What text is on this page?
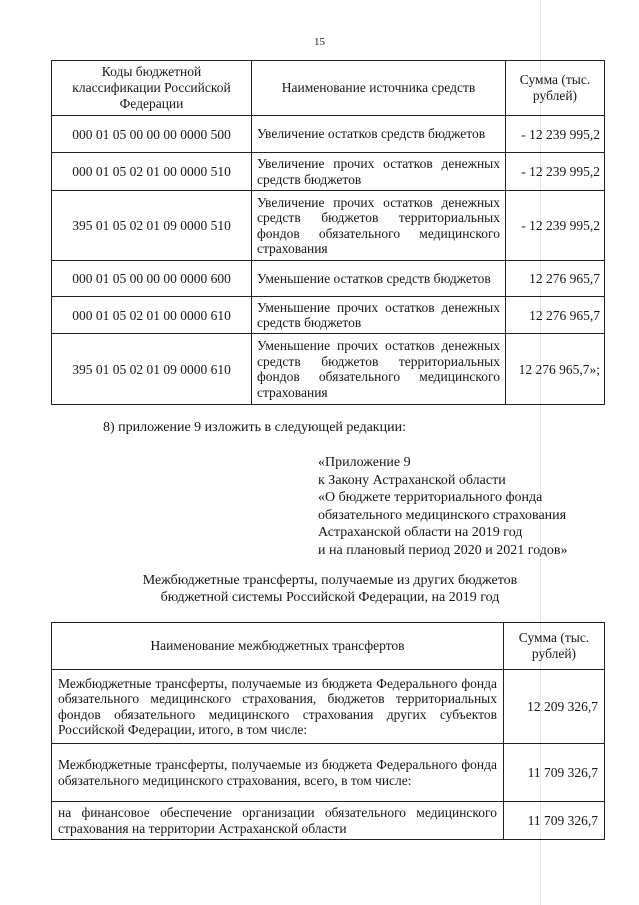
15
Коды бюджетной классификации Российской Федерации	Наименование источника средств	Сумма (тыс. рублей)
000 01 05 00 00 00 0000 500	Увеличение остатков средств бюджетов	- 12 239 995,2
000 01 05 02 01 00 0000 510	Увеличение прочих остатков денежных средств бюджетов	- 12 239 995,2
395 01 05 02 01 09 0000 510	Увеличение прочих остатков денежных средств бюджетов территориальных фондов обязательного медицинского страхования	- 12 239 995,2
000 01 05 00 00 00 0000 600	Уменьшение остатков средств бюджетов	12 276 965,7
000 01 05 02 01 00 0000 610	Уменьшение прочих остатков денежных средств бюджетов	12 276 965,7
395 01 05 02 01 09 0000 610	Уменьшение прочих остатков денежных средств бюджетов территориальных фондов обязательного медицинского страхования	12 276 965,7»;
8) приложение 9 изложить в следующей редакции:
«Приложение 9
к Закону Астраханской области
«О бюджете территориального фонда
обязательного медицинского страхования
Астраханской области на 2019 год
и на плановый период 2020 и 2021 годов»
Межбюджетные трансферты, получаемые из других бюджетов
бюджетной системы Российской Федерации, на 2019 год
Наименование межбюджетных трансфертов	Сумма (тыс. рублей)
Межбюджетные трансферты, получаемые из бюджета Федерального фонда обязательного медицинского страхования, бюджетов территориальных фондов обязательного медицинского страхования других субъектов Российской Федерации, итого, в том числе:	12 209 326,7
Межбюджетные трансферты, получаемые из бюджета Федерального фонда обязательного медицинского страхования, всего, в том числе:	11 709 326,7
на финансовое обеспечение организации обязательного медицинского страхования на территории Астраханской области	11 709 326,7
